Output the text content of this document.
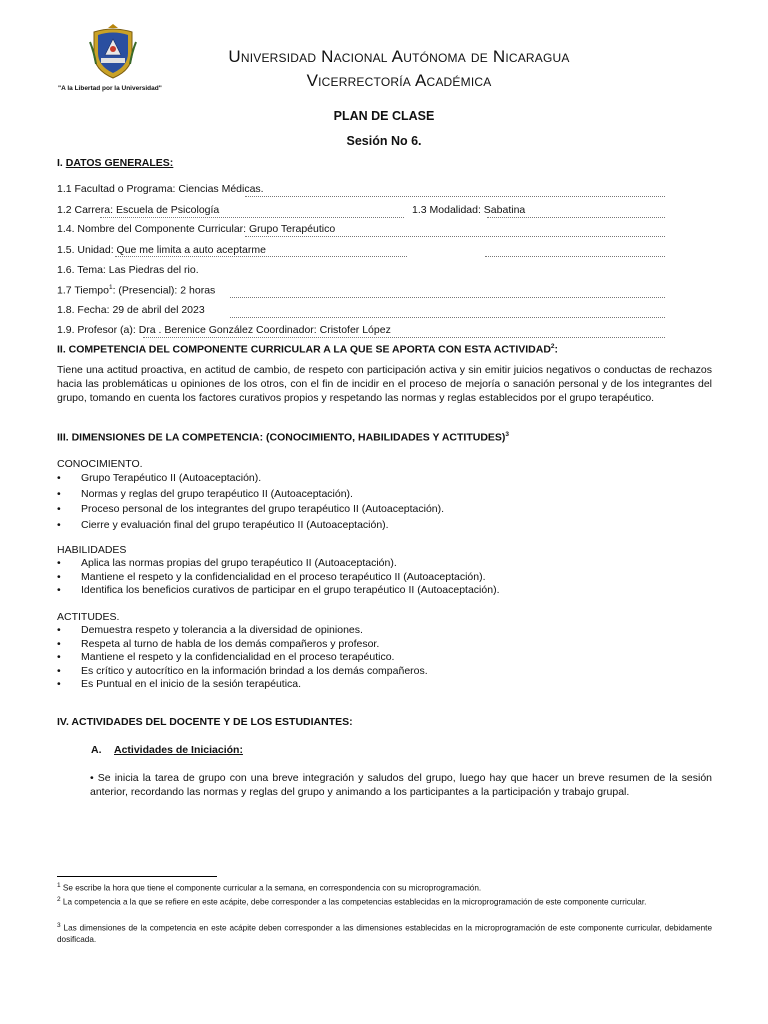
"A la Libertad por la Universidad"
Universidad Nacional Autónoma de Nicaragua
Vicerrectoría Académica
PLAN DE CLASE
Sesión No 6.
I. DATOS GENERALES:
1.1 Facultad o Programa: Ciencias Médicas.
1.2 Carrera: Escuela de Psicología	1.3 Modalidad: Sabatina
1.4. Nombre del Componente Curricular: Grupo Terapéutico
1.5. Unidad: Que me limita a auto aceptarme
1.6. Tema: Las Piedras del rio.
1.7 Tiempo$^1$: (Presencial): 2 horas
1.8. Fecha: 29 de abril del 2023
1.9. Profesor (a): Dra . Berenice González Coordinador: Cristofer López
II. COMPETENCIA DEL COMPONENTE CURRICULAR A LA QUE SE APORTA CON ESTA ACTIVIDAD$^2$:
Tiene una actitud proactiva, en actitud de cambio, de respeto con participación activa y sin emitir juicios negativos o conductas de rechazos hacia las problemáticas u opiniones de los otros, con el fin de incidir en el proceso de mejoría o sanación personal y de los integrantes del grupo, tomando en cuenta los factores curativos propios y respetando las normas y reglas establecidos por el grupo terapéutico.
III. DIMENSIONES DE LA COMPETENCIA: (CONOCIMIENTO, HABILIDADES Y ACTITUDES)$^3$
CONOCIMIENTO.
•	Grupo Terapéutico II (Autoaceptación).
•	Normas y reglas del grupo terapéutico II (Autoaceptación).
•	Proceso personal de los integrantes del grupo terapéutico II (Autoaceptación).
•	Cierre y evaluación final del grupo terapéutico II (Autoaceptación).
HABILIDADES
•	Aplica las normas propias del grupo terapéutico II (Autoaceptación).
•	Mantiene el respeto y la confidencialidad en el proceso terapéutico II (Autoaceptación).
•	Identifica los beneficios curativos de participar en el grupo terapéutico II (Autoaceptación).
ACTITUDES.
•	Demuestra respeto y tolerancia a la diversidad de opiniones.
•	Respeta al turno de habla de los demás compañeros y profesor.
•	Mantiene el respeto y la confidencialidad en el proceso terapéutico.
•	Es crítico y autocrítico en la información brindad a los demás compañeros.
•	Es Puntual en el inicio de la sesión terapéutica.
IV. ACTIVIDADES DEL DOCENTE Y DE LOS ESTUDIANTES:
A. Actividades de Iniciación:
• Se inicia la tarea de grupo con una breve integración y saludos del grupo, luego hay que hacer un breve resumen de la sesión anterior, recordando las normas y reglas del grupo y animando a los participantes a la participación y trabajo grupal.
$^1$ Se escribe la hora que tiene el componente curricular a la semana, en correspondencia con su microprogramación.
$^2$ La competencia a la que se refiere en este acápite, debe corresponder a las competencias establecidas en la microprogramación de este componente curricular.
$^3$ Las dimensiones de la competencia en este acápite deben corresponder a las dimensiones establecidas en la microprogramación de este componente curricular, debidamente dosificada.
